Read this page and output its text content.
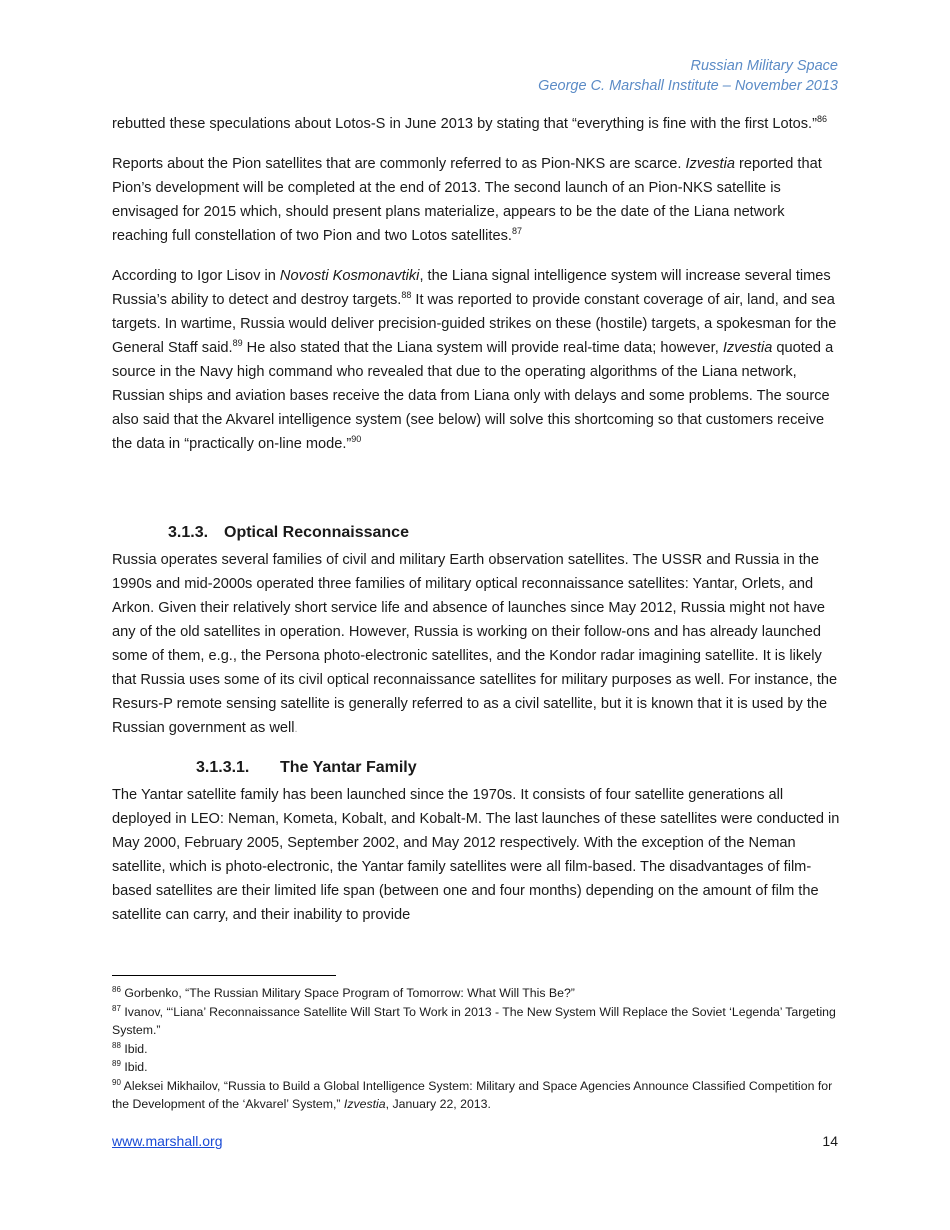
Russian Military Space
George C. Marshall Institute – November 2013

rebutted these speculations about Lotos-S in June 2013 by stating that “everything is fine with the first Lotos.”$^{86}$

Reports about the Pion satellites that are commonly referred to as Pion-NKS are scarce. Izvestia reported that Pion’s development will be completed at the end of 2013. The second launch of an Pion-NKS satellite is envisaged for 2015 which, should present plans materialize, appears to be the date of the Liana network reaching full constellation of two Pion and two Lotos satellites.$^{87}$

According to Igor Lisov in Novosti Kosmonavtiki, the Liana signal intelligence system will increase several times Russia’s ability to detect and destroy targets.$^{88}$ It was reported to provide constant coverage of air, land, and sea targets. In wartime, Russia would deliver precision-guided strikes on these (hostile) targets, a spokesman for the General Staff said.$^{89}$ He also stated that the Liana system will provide real-time data; however, Izvestia quoted a source in the Navy high command who revealed that due to the operating algorithms of the Liana network, Russian ships and aviation bases receive the data from Liana only with delays and some problems. The source also said that the Akvarel intelligence system (see below) will solve this shortcoming so that customers receive the data in “practically on-line mode.”$^{90}$

3.1.3. Optical Reconnaissance

Russia operates several families of civil and military Earth observation satellites. The USSR and Russia in the 1990s and mid-2000s operated three families of military optical reconnaissance satellites: Yantar, Orlets, and Arkon. Given their relatively short service life and absence of launches since May 2012, Russia might not have any of the old satellites in operation. However, Russia is working on their follow-ons and has already launched some of them, e.g., the Persona photo-electronic satellites, and the Kondor radar imagining satellite. It is likely that Russia uses some of its civil optical reconnaissance satellites for military purposes as well. For instance, the Resurs-P remote sensing satellite is generally referred to as a civil satellite, but it is known that it is used by the Russian government as well.

3.1.3.1. The Yantar Family

The Yantar satellite family has been launched since the 1970s. It consists of four satellite generations all deployed in LEO: Neman, Kometa, Kobalt, and Kobalt-M. The last launches of these satellites were conducted in May 2000, February 2005, September 2002, and May 2012 respectively. With the exception of the Neman satellite, which is photo-electronic, the Yantar family satellites were all film-based. The disadvantages of film-based satellites are their limited life span (between one and four months) depending on the amount of film the satellite can carry, and their inability to provide

$^{86}$ Gorbenko, “The Russian Military Space Program of Tomorrow: What Will This Be?”
$^{87}$ Ivanov, “‘Liana’ Reconnaissance Satellite Will Start To Work in 2013 - The New System Will Replace the Soviet ‘Legenda’ Targeting System.”
$^{88}$ Ibid.
$^{89}$ Ibid.
$^{90}$ Aleksei Mikhailov, “Russia to Build a Global Intelligence System: Military and Space Agencies Announce Classified Competition for the Development of the ‘Akvarel’ System,” Izvestia, January 22, 2013.
www.marshall.org	14
